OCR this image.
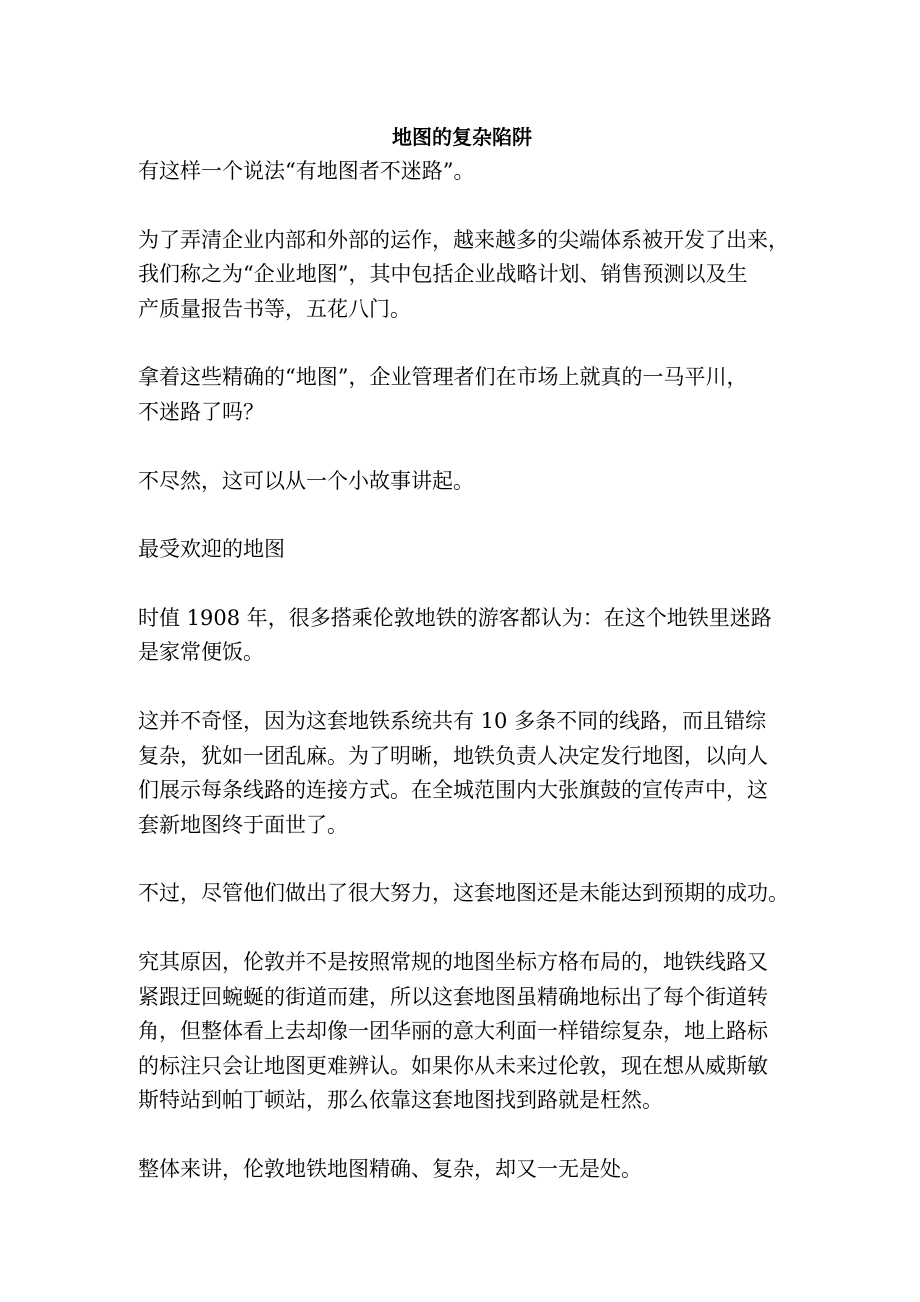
地图的复杂陷阱

有这样一个说法“有地图者不迷路”。

为了弄清企业内部和外部的运作，越来越多的尖端体系被开发了出来，
我们称之为“企业地图”，其中包括企业战略计划、销售预测以及生
产质量报告书等，五花八门。

拿着这些精确的“地图”，企业管理者们在市场上就真的一马平川，
不迷路了吗？

不尽然，这可以从一个小故事讲起。

最受欢迎的地图

时值 1908 年，很多搭乘伦敦地铁的游客都认为：在这个地铁里迷路
是家常便饭。

这并不奇怪，因为这套地铁系统共有 10 多条不同的线路，而且错综
复杂，犹如一团乱麻。为了明晰，地铁负责人决定发行地图，以向人
们展示每条线路的连接方式。在全城范围内大张旗鼓的宣传声中，这
套新地图终于面世了。

不过，尽管他们做出了很大努力，这套地图还是未能达到预期的成功。

究其原因，伦敦并不是按照常规的地图坐标方格布局的，地铁线路又
紧跟迂回蜿蜒的街道而建，所以这套地图虽精确地标出了每个街道转
角，但整体看上去却像一团华丽的意大利面一样错综复杂，地上路标
的标注只会让地图更难辨认。如果你从未来过伦敦，现在想从威斯敏
斯特站到帕丁顿站，那么依靠这套地图找到路就是枉然。

整体来讲，伦敦地铁地图精确、复杂，却又一无是处。
